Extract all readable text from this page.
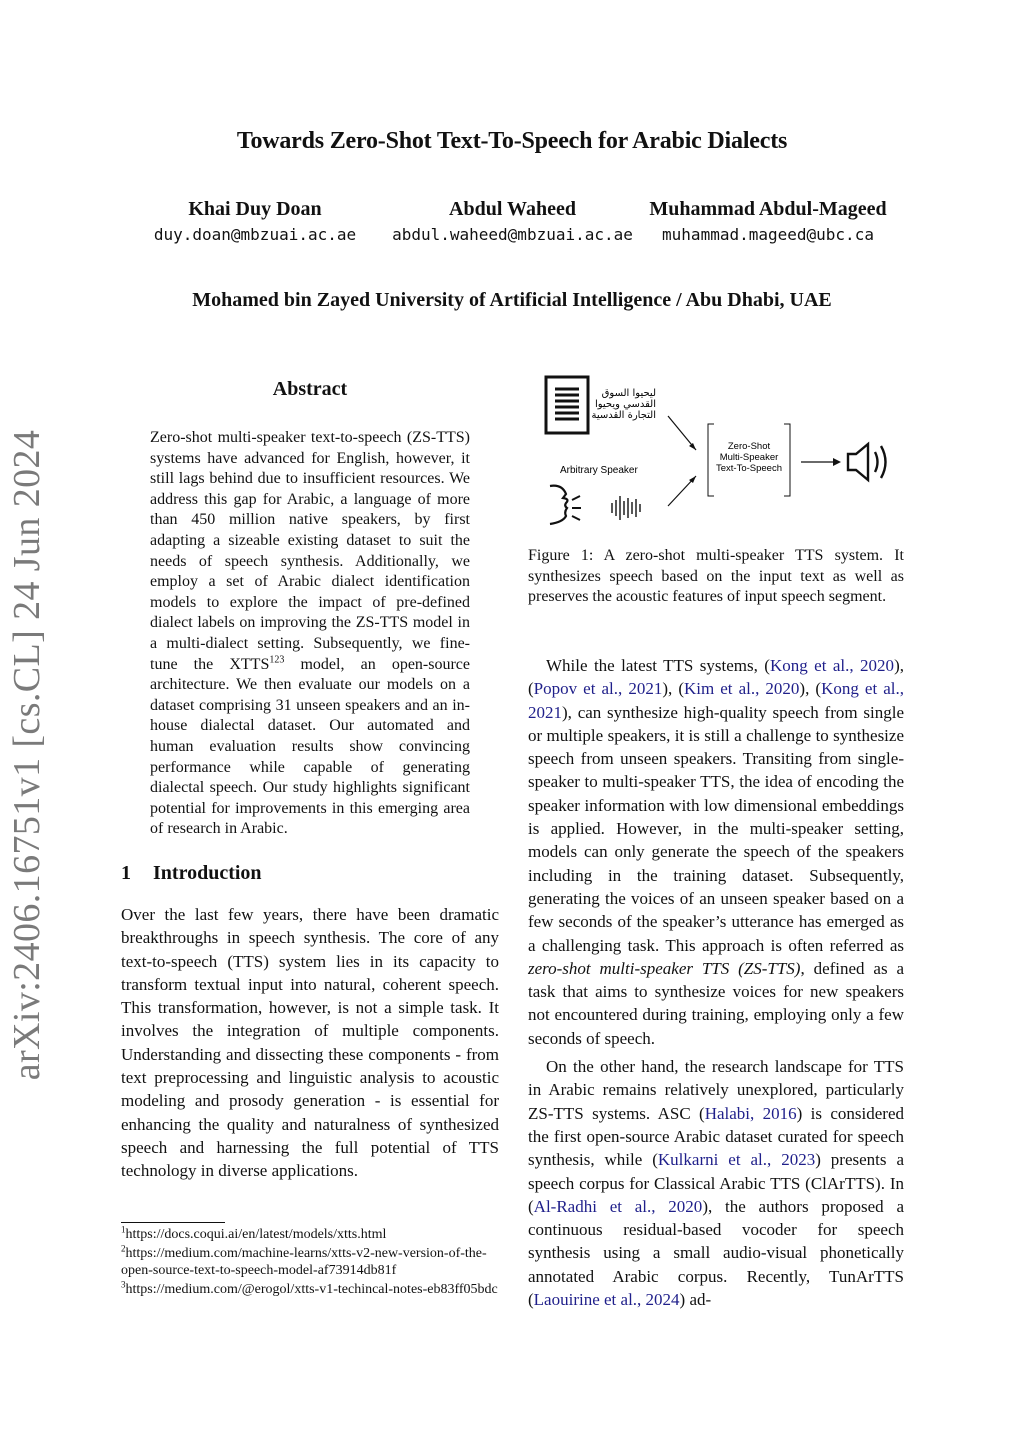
Towards Zero-Shot Text-To-Speech for Arabic Dialects
Khai Duy Doan
duy.doan@mbzuai.ac.ae
Abdul Waheed
abdul.waheed@mbzuai.ac.ae
Muhammad Abdul-Mageed
muhammad.mageed@ubc.ca
Mohamed bin Zayed University of Artificial Intelligence / Abu Dhabi, UAE
arXiv:2406.16751v1 [cs.CL] 24 Jun 2024
Abstract
Zero-shot multi-speaker text-to-speech (ZS-TTS) systems have advanced for English, however, it still lags behind due to insufficient resources. We address this gap for Arabic, a language of more than 450 million native speakers, by first adapting a sizeable existing dataset to suit the needs of speech synthesis. Additionally, we employ a set of Arabic dialect identification models to explore the impact of pre-defined dialect labels on improving the ZS-TTS model in a multi-dialect setting. Subsequently, we fine-tune the XTTS$^{123}$ model, an open-source architecture. We then evaluate our models on a dataset comprising 31 unseen speakers and an in-house dialectal dataset. Our automated and human evaluation results show convincing performance while capable of generating dialectal speech. Our study highlights significant potential for improvements in this emerging area of research in Arabic.
1 Introduction
Over the last few years, there have been dramatic breakthroughs in speech synthesis. The core of any text-to-speech (TTS) system lies in its capacity to transform textual input into natural, coherent speech. This transformation, however, is not a simple task. It involves the integration of multiple components. Understanding and dissecting these components - from text preprocessing and linguistic analysis to acoustic modeling and prosody generation - is essential for enhancing the quality and naturalness of synthesized speech and harnessing the full potential of TTS technology in diverse applications.

$^1$https://docs.coqui.ai/en/latest/models/xtts.html

$^2$https://medium.com/machine-learns/xtts-v2-new-version-of-the-open-source-text-to-speech-model-af73914db81f

$^3$https://medium.com/@erogol/xtts-v1-techincal-notes-eb83ff05bdc

ليحيوا السوق
القدسي ويحيوا
التجارة القدسية
Arbitrary Speaker
Zero-Shot
Multi-Speaker
Text-To-Speech
Figure 1: A zero-shot multi-speaker TTS system. It synthesizes speech based on the input text as well as preserves the acoustic features of input speech segment.

While the latest TTS systems, (Kong et al., 2020), (Popov et al., 2021), (Kim et al., 2020), (Kong et al., 2021), can synthesize high-quality speech from single or multiple speakers, it is still a challenge to synthesize speech from unseen speakers. Transiting from single-speaker to multi-speaker TTS, the idea of encoding the speaker information with low dimensional embeddings is applied. However, in the multi-speaker setting, models can only generate the speech of the speakers including in the training dataset. Subsequently, generating the voices of an unseen speaker based on a few seconds of the speaker’s utterance has emerged as a challenging task. This approach is often referred as zero-shot multi-speaker TTS (ZS-TTS), defined as a task that aims to synthesize voices for new speakers not encountered during training, employing only a few seconds of speech.

On the other hand, the research landscape for TTS in Arabic remains relatively unexplored, particularly ZS-TTS systems. ASC (Halabi, 2016) is considered the first open-source Arabic dataset curated for speech synthesis, while (Kulkarni et al., 2023) presents a speech corpus for Classical Arabic TTS (ClArTTS). In (Al-Radhi et al., 2020), the authors proposed a continuous residual-based vocoder for speech synthesis using a small audio-visual phonetically annotated Arabic corpus. Recently, TunArTTS (Laouirine et al., 2024) ad-
